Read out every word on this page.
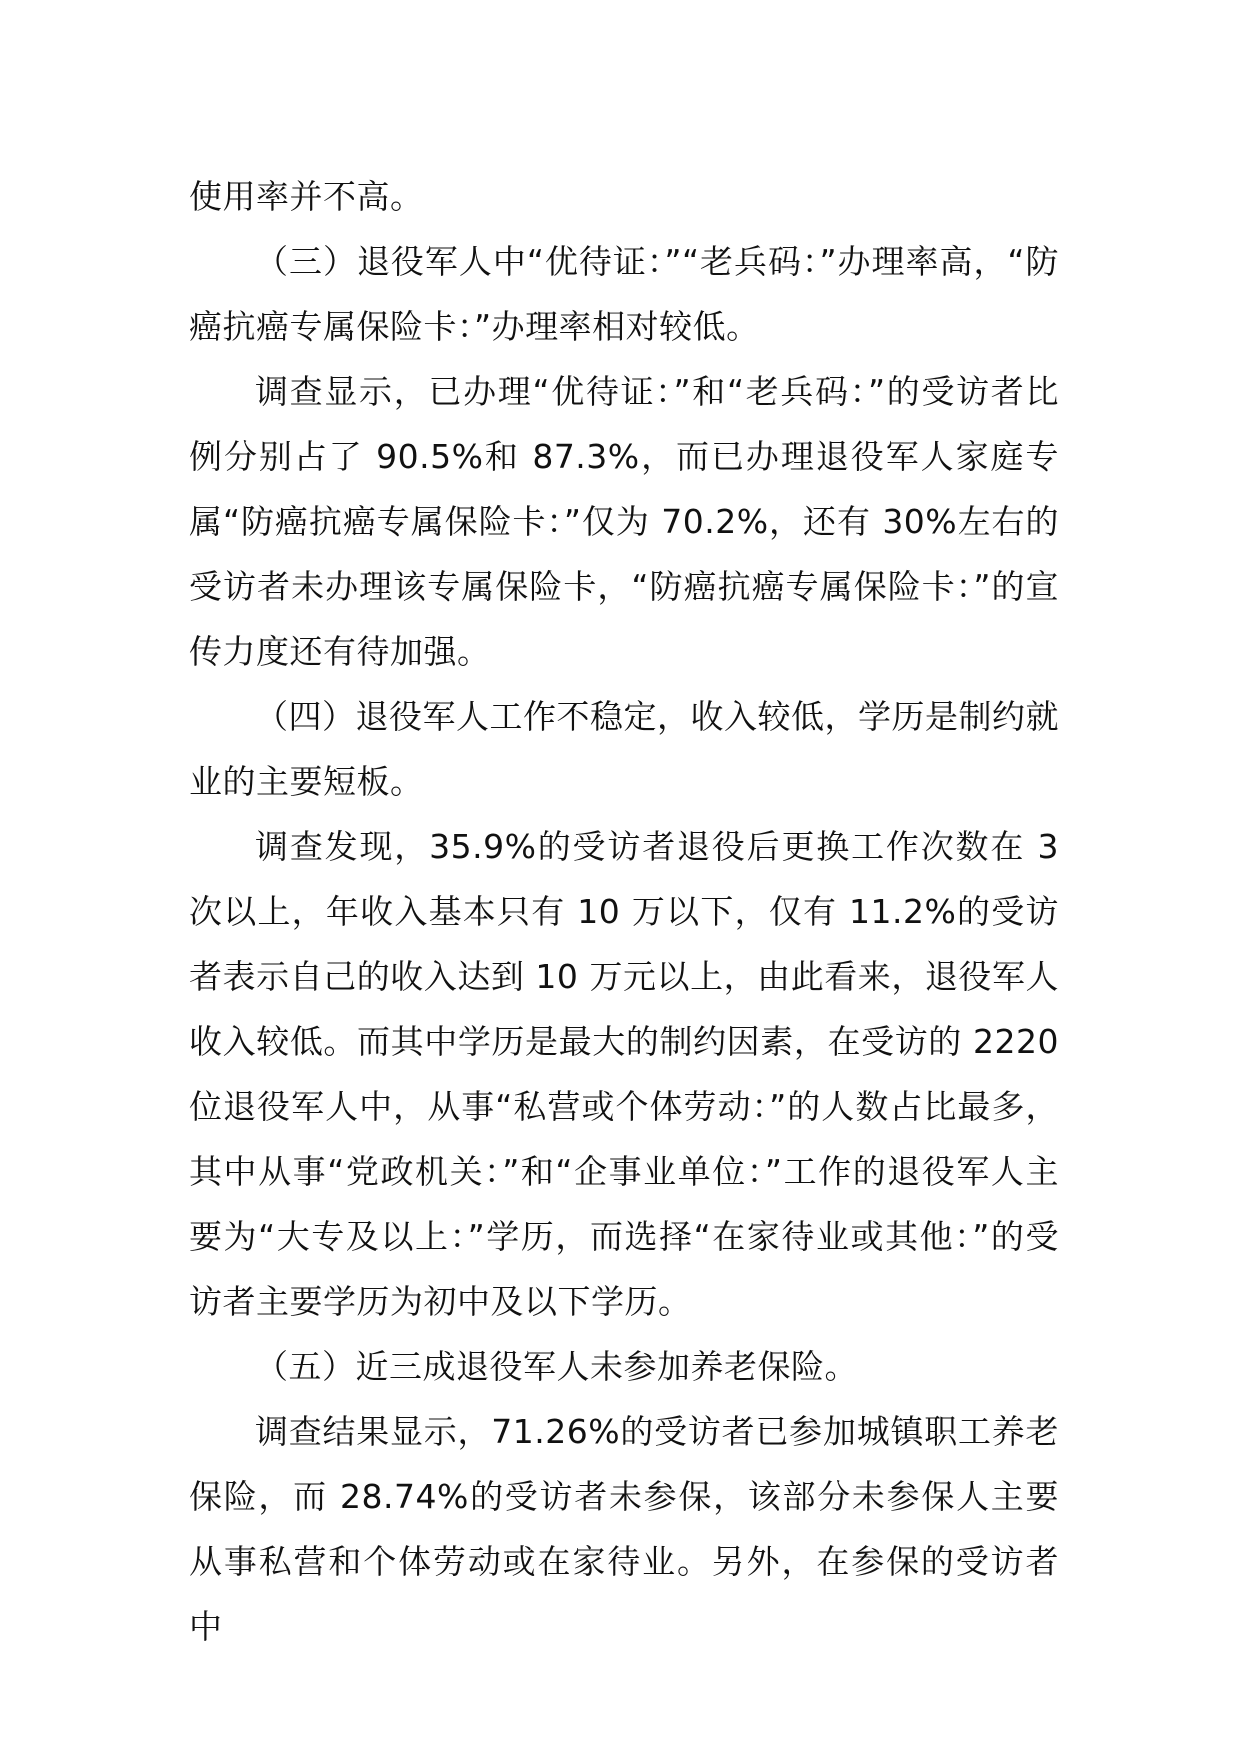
使用率并不高。

（三）退役军人中“优待证：”“老兵码：”办理率高，“防癌抗癌专属保险卡：”办理率相对较低。

调查显示，已办理“优待证：”和“老兵码：”的受访者比例分别占了 90.5%和 87.3%，而已办理退役军人家庭专属“防癌抗癌专属保险卡：”仅为 70.2%，还有 30%左右的受访者未办理该专属保险卡，“防癌抗癌专属保险卡：”的宣传力度还有待加强。

（四）退役军人工作不稳定，收入较低，学历是制约就业的主要短板。

调查发现，35.9%的受访者退役后更换工作次数在 3 次以上，年收入基本只有 10 万以下，仅有 11.2%的受访者表示自己的收入达到 10 万元以上，由此看来，退役军人收入较低。而其中学历是最大的制约因素，在受访的 2220 位退役军人中，从事“私营或个体劳动：”的人数占比最多，其中从事“党政机关：”和“企事业单位：”工作的退役军人主要为“大专及以上：”学历，而选择“在家待业或其他：”的受访者主要学历为初中及以下学历。

（五）近三成退役军人未参加养老保险。

调查结果显示，71.26%的受访者已参加城镇职工养老保险，而 28.74%的受访者未参保，该部分未参保人主要从事私营和个体劳动或在家待业。另外，在参保的受访者中
